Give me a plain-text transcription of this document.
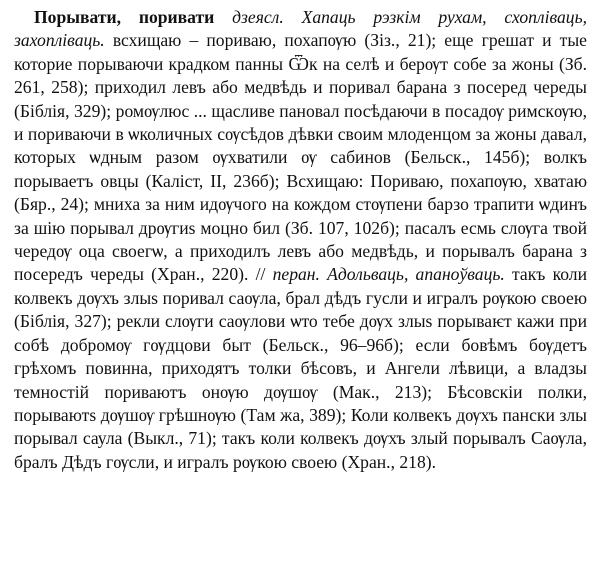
Порывати, поривати дзеясл. Хапаць рэзкім рухам, схопліваць, захопліваць. всхищаю – пориваю, похапѹю (Зіз., 21); еще грешат и тые которие порываючи крадком панны Ѿк на селѣ и берѹт собе за жоны (Зб. 261, 258); приходил левъ або медвѣдь и поривал барана з посеред череды (Біблія, 329); ромѹлюс ... щасливе пановал посѣдаючи в посадѹ римскѹю, и пориваючи в ѡколичных сѹсѣдов дѣвки своим млоденцом за жоны давал, которых ѡдным разом ѹхватили ѹ сабинов (Бельск., 145б); волкъ порываетъ овцы (Каліст, II, 236б); Всхищаю: Пориваю, похапѹю, хватаю (Бяр., 24); мниха за ним идѹчого на кождом стѹпени барзо трапити ѡдинъ за шію порывал дрѹгиѕ моцно бил (Зб. 107, 102б); пасалъ есмь слѹга твой чередѹ оца своегѡ, а приходилъ левъ або медвѣдь, и порывалъ барана з посередъ череды (Хран., 220). // перан. Адольваць, апаноўваць. такъ коли колвекъ дѹхъ злыѕ поривал саѹла, брал дѣдъ гусли и игралъ рѹкою своею (Біблія, 327); рекли слѹги саѹлови ѡто тебе дѹх злыѕ порываѥт кажи при собѣ добромѹ гѹдцови быт (Бельск., 96–96б); если бовѣмъ бѹдетъ грѣхомъ повинна, приходятъ толки бѣсовъ, и Ангели лѣвици, а владзы темностій пориваютъ онѹю дѹшѹ (Мак., 213); Бѣсовскіи полки, порываютѕ дѹшѹ грѣшнѹю (Там жа, 389); Коли колвекъ дѹхъ пански злы порывал саула (Выкл., 71); такъ коли колвекъ дѹхъ злый порывалъ Саѹла, бралъ Дѣдъ гѹсли, и игралъ рѹкою своею (Хран., 218).
